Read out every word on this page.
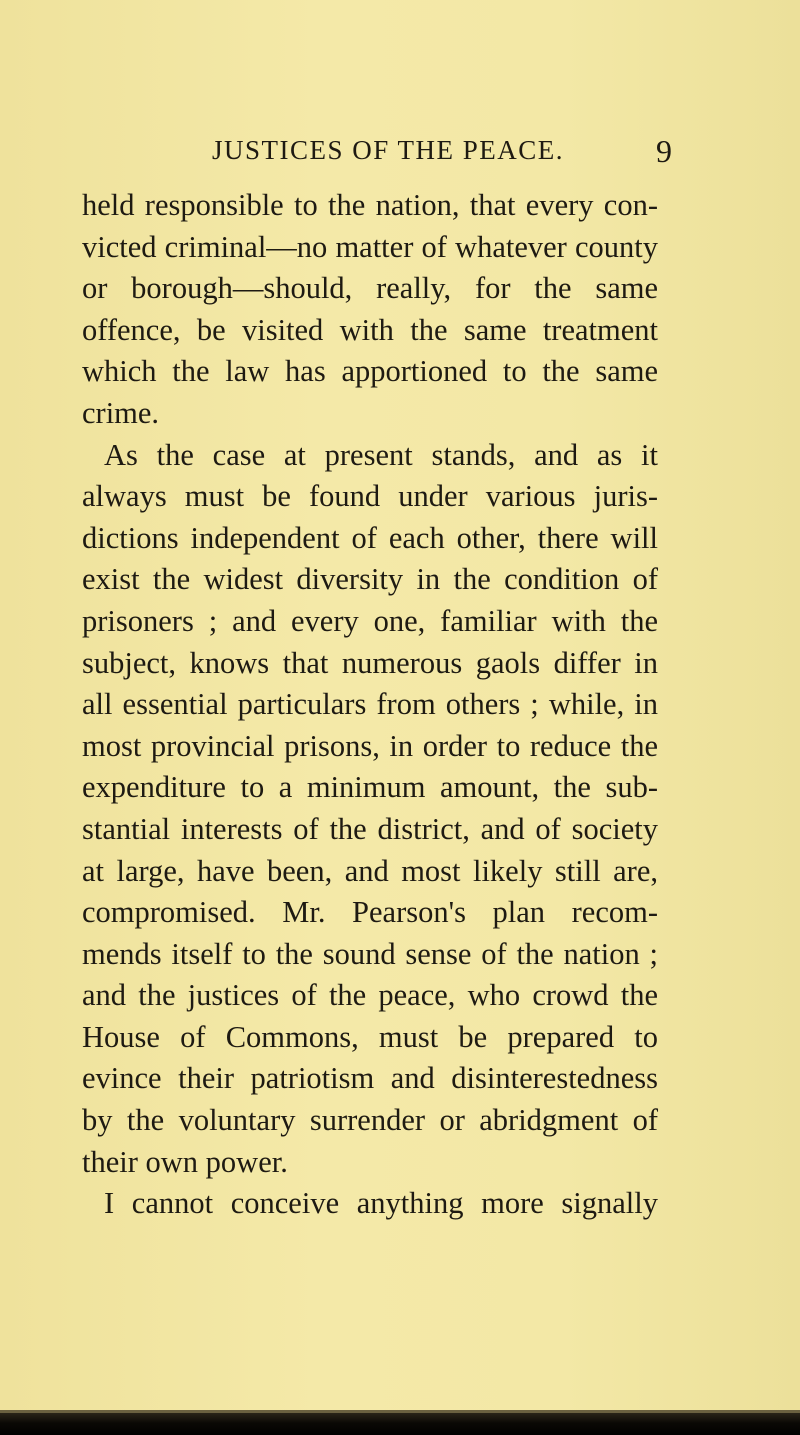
JUSTICES OF THE PEACE.	9
held responsible to the nation, that every con-
victed criminal—no matter of whatever county
or borough—should, really, for the same
offence, be visited with the same treatment
which the law has apportioned to the same
crime.
As the case at present stands, and as it
always must be found under various juris-
dictions independent of each other, there will
exist the widest diversity in the condition of
prisoners ; and every one, familiar with the
subject, knows that numerous gaols differ in
all essential particulars from others ; while, in
most provincial prisons, in order to reduce the
expenditure to a minimum amount, the sub-
stantial interests of the district, and of society
at large, have been, and most likely still are,
compromised. Mr. Pearson's plan recom-
mends itself to the sound sense of the nation ;
and the justices of the peace, who crowd the
House of Commons, must be prepared to
evince their patriotism and disinterestedness
by the voluntary surrender or abridgment of
their own power.
I cannot conceive anything more signally
